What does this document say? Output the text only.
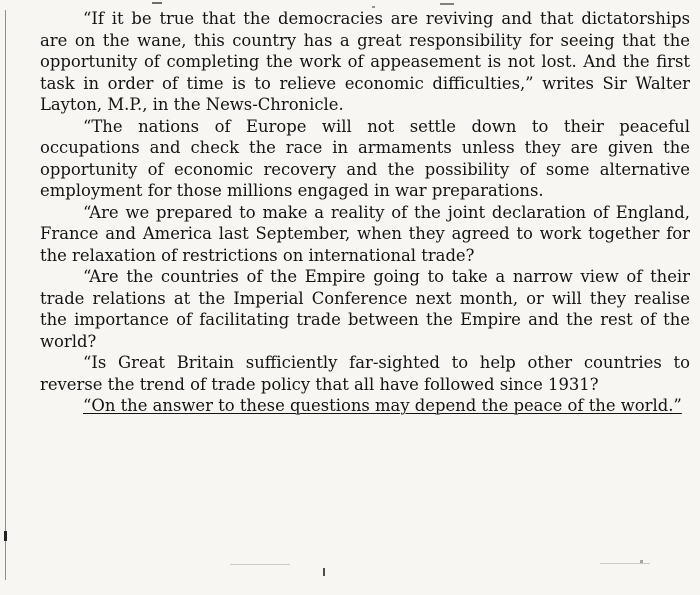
“If it be true that the democracies are reviving and that dictatorships are on the wane, this country has a great responsibility for seeing that the opportunity of completing the work of appeasement is not lost. And the first task in order of time is to relieve economic difficulties,” writes Sir Walter Layton, M.P., in the News-Chronicle.

“The nations of Europe will not settle down to their peaceful occupations and check the race in armaments unless they are given the opportunity of economic recovery and the possibility of some alternative employment for those millions engaged in war preparations.

“Are we prepared to make a reality of the joint declaration of England, France and America last September, when they agreed to work together for the relaxation of restrictions on international trade?

“Are the countries of the Empire going to take a narrow view of their trade relations at the Imperial Conference next month, or will they realise the importance of facilitating trade between the Empire and the rest of the world?

“Is Great Britain sufficiently far-sighted to help other countries to reverse the trend of trade policy that all have followed since 1931?

“On the answer to these questions may depend the peace of the world.”
